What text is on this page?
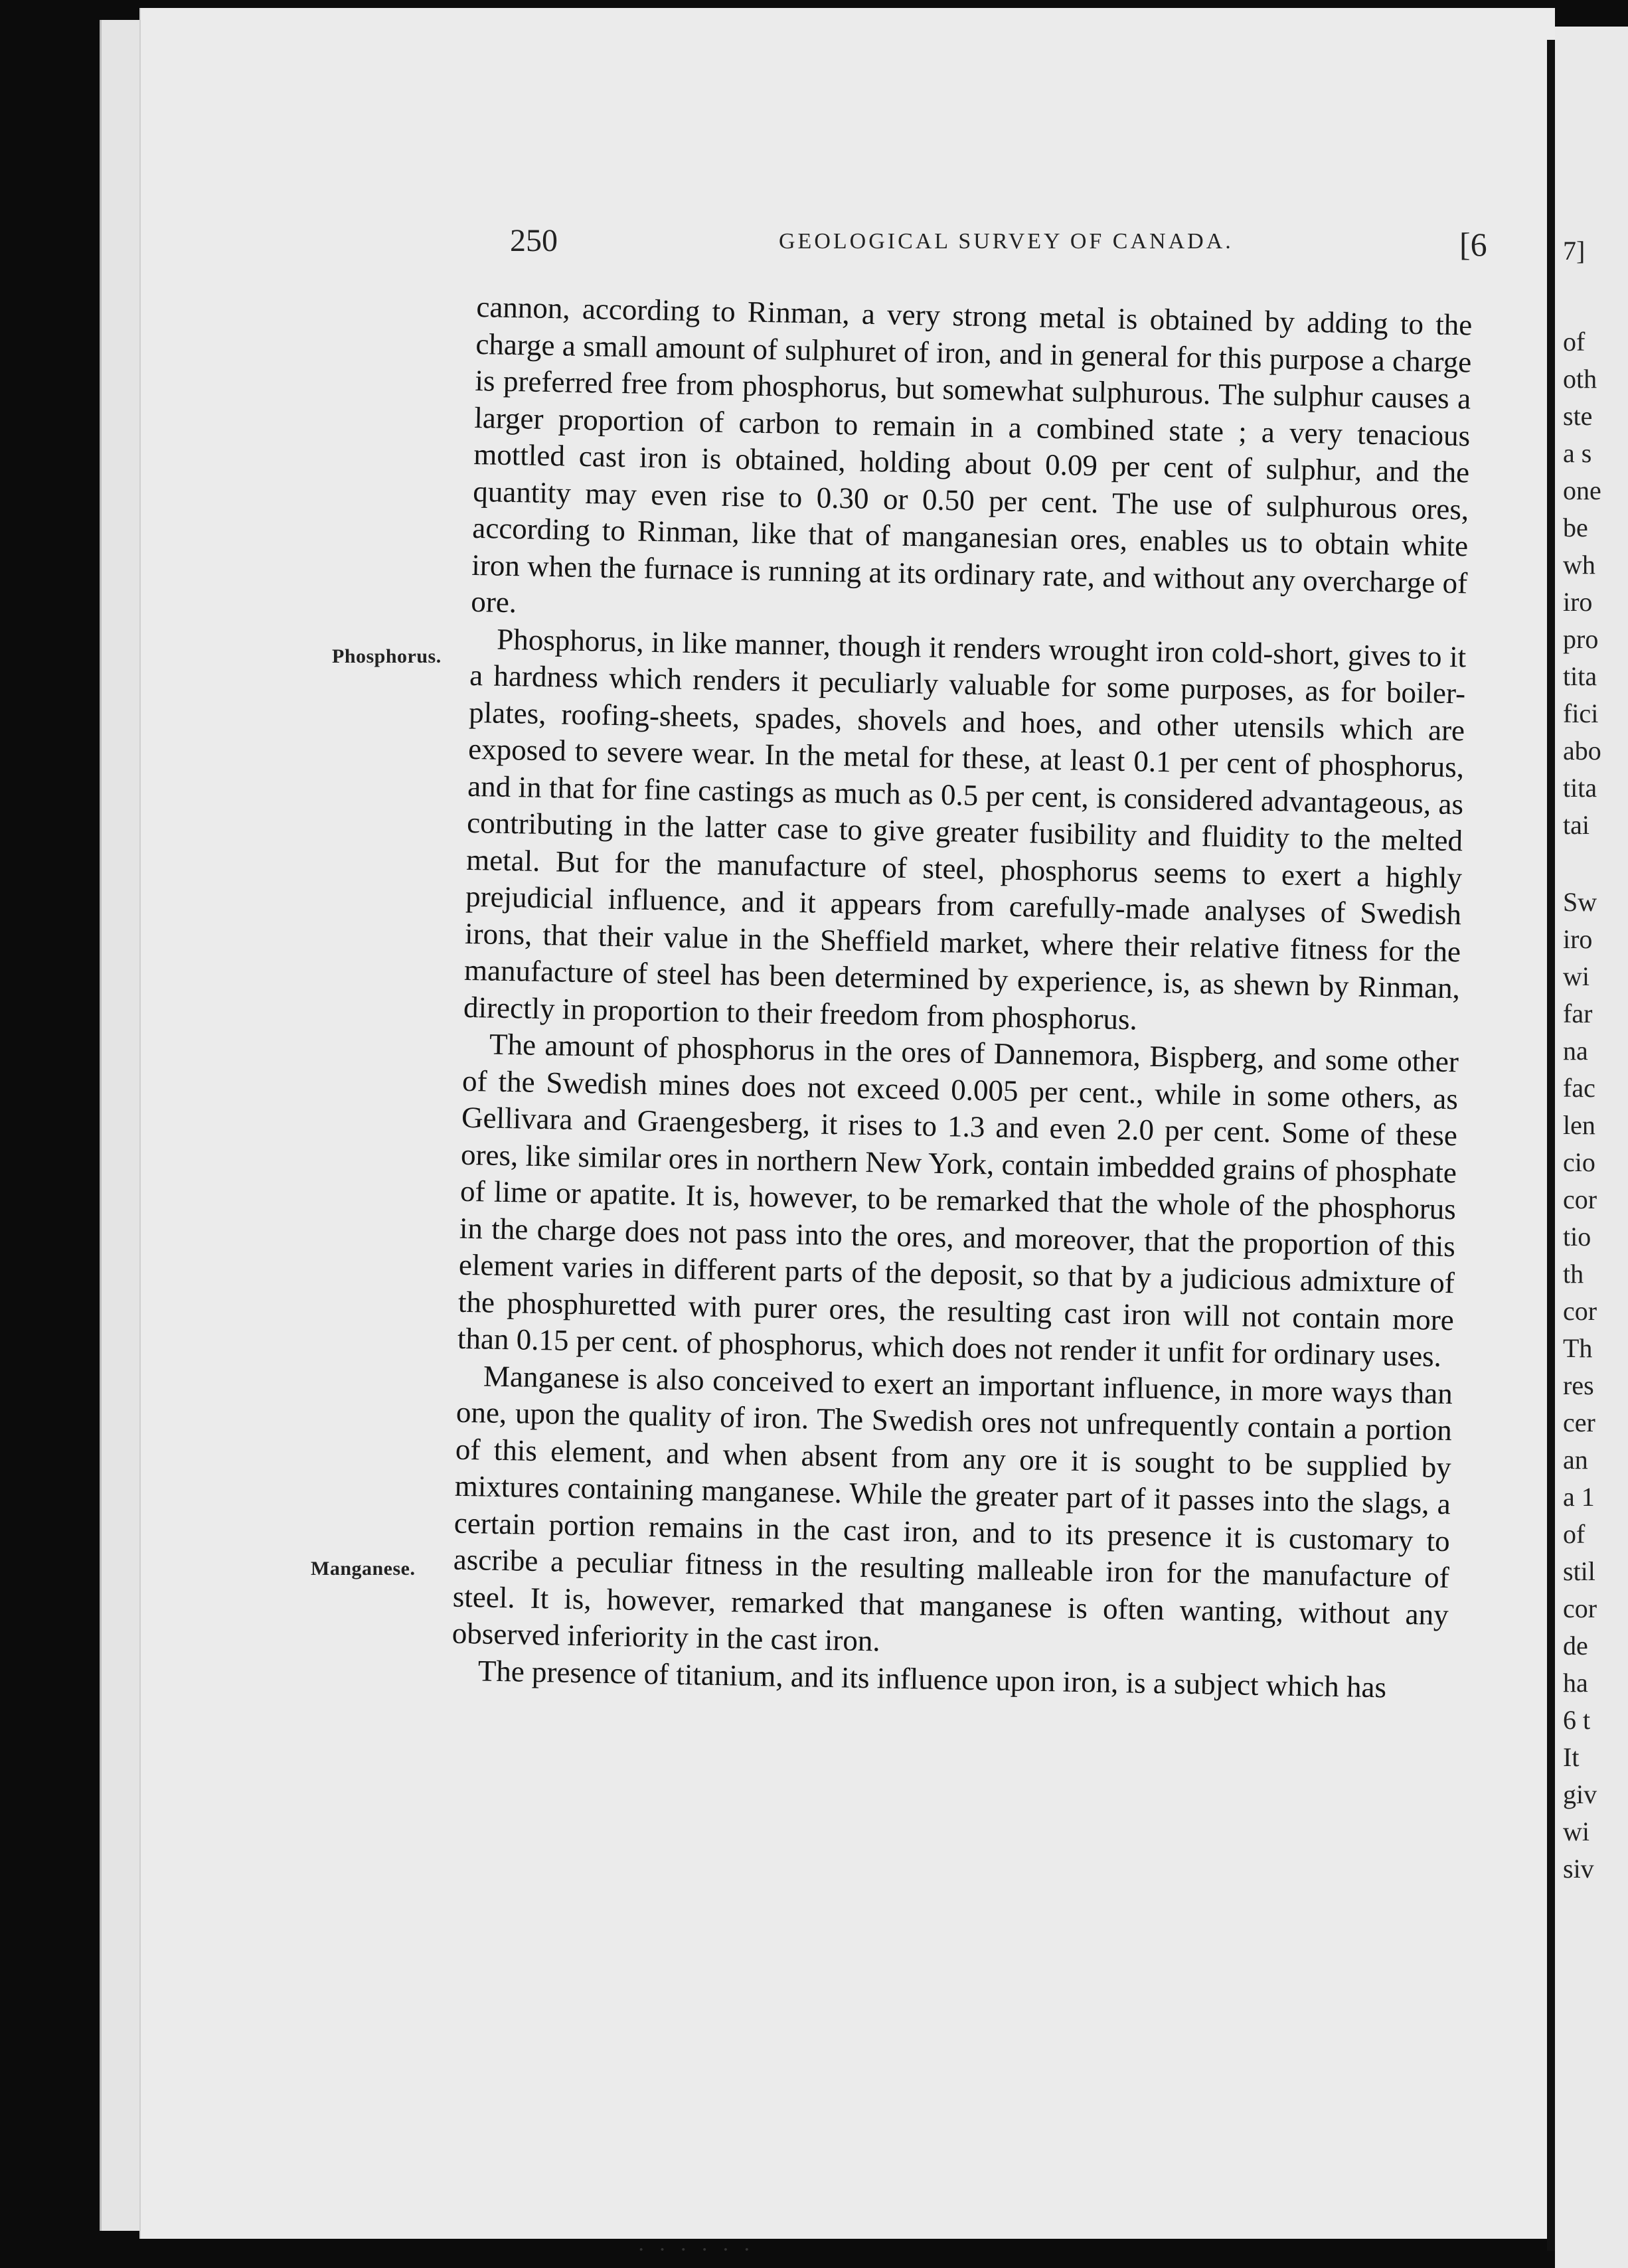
250	GEOLOGICAL SURVEY OF CANADA.	[6
Phosphorus.
Manganese.

cannon, according to Rinman, a very strong metal is obtained by adding to the charge a small amount of sulphuret of iron, and in general for this purpose a charge is preferred free from phosphorus, but somewhat sulphurous. The sulphur causes a larger proportion of carbon to remain in a combined state ; a very tenacious mottled cast iron is obtained, holding about 0.09 per cent of sulphur, and the quantity may even rise to 0.30 or 0.50 per cent. The use of sulphurous ores, according to Rinman, like that of manganesian ores, enables us to obtain white iron when the furnace is running at its ordinary rate, and without any overcharge of ore.

Phosphorus, in like manner, though it renders wrought iron cold-short, gives to it a hardness which renders it peculiarly valuable for some purposes, as for boiler-plates, roofing-sheets, spades, shovels and hoes, and other utensils which are exposed to severe wear. In the metal for these, at least 0.1 per cent of phosphorus, and in that for fine castings as much as 0.5 per cent, is considered advantageous, as contributing in the latter case to give greater fusibility and fluidity to the melted metal. But for the manufacture of steel, phosphorus seems to exert a highly prejudicial influence, and it appears from carefully-made analyses of Swedish irons, that their value in the Sheffield market, where their relative fitness for the manufacture of steel has been determined by experience, is, as shewn by Rinman, directly in proportion to their freedom from phosphorus.

The amount of phosphorus in the ores of Dannemora, Bispberg, and some other of the Swedish mines does not exceed 0.005 per cent., while in some others, as Gellivara and Graengesberg, it rises to 1.3 and even 2.0 per cent. Some of these ores, like similar ores in northern New York, contain imbedded grains of phosphate of lime or apatite. It is, however, to be remarked that the whole of the phosphorus in the charge does not pass into the ores, and moreover, that the proportion of this element varies in different parts of the deposit, so that by a judicious admixture of the phosphuretted with purer ores, the resulting cast iron will not contain more than 0.15 per cent. of phosphorus, which does not render it unfit for ordinary uses.

Manganese is also conceived to exert an important influence, in more ways than one, upon the quality of iron. The Swedish ores not unfrequently contain a portion of this element, and when absent from any ore it is sought to be supplied by mixtures containing manganese. While the greater part of it passes into the slags, a certain portion remains in the cast iron, and to its presence it is customary to ascribe a peculiar fitness in the resulting malleable iron for the manufacture of steel. It is, however, remarked that manganese is often wanting, without any observed inferiority in the cast iron.

The presence of titanium, and its influence upon iron, is a subject which has

· · · · · ·
7]
of
oth
ste
a s
one
be
wh
iro
pro
tita
fici
abo
tita
tai
Sw
iro
wi
far
na
fac
len
cio
cor
tio
th
cor
Th
res
cer
an
a 1
of
stil
cor
de
ha
6 t
It
giv
wi
siv
